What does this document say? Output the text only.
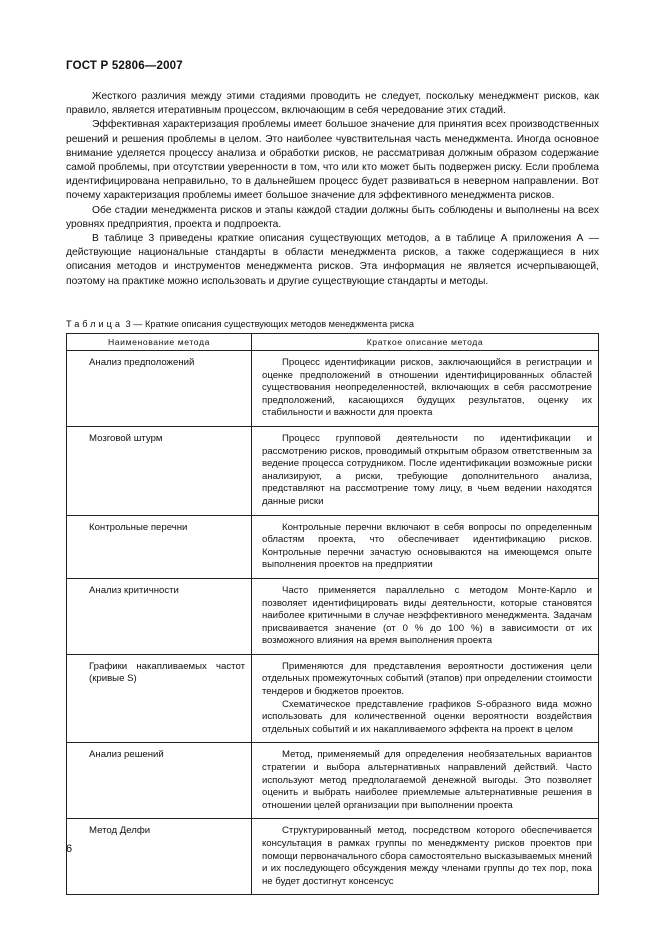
ГОСТ Р 52806—2007

Жесткого различия между этими стадиями проводить не следует, поскольку менеджмент рисков, как правило, является итеративным процессом, включающим в себя чередование этих стадий.

Эффективная характеризация проблемы имеет большое значение для принятия всех производственных решений и решения проблемы в целом. Это наиболее чувствительная часть менеджмента. Иногда основное внимание уделяется процессу анализа и обработки рисков, не рассматривая должным образом содержание самой проблемы, при отсутствии уверенности в том, что или кто может быть подвержен риску. Если проблема идентифицирована неправильно, то в дальнейшем процесс будет развиваться в неверном направлении. Вот почему характеризация проблемы имеет большое значение для эффективного менеджмента рисков.

Обе стадии менеджмента рисков и этапы каждой стадии должны быть соблюдены и выполнены на всех уровнях предприятия, проекта и подпроекта.

В таблице 3 приведены краткие описания существующих методов, а в таблице А приложения А — действующие национальные стандарты в области менеджмента рисков, а также содержащиеся в них описания методов и инструментов менеджмента рисков. Эта информация не является исчерпывающей, поэтому на практике можно использовать и другие существующие стандарты и методы.

Таблица 3 — Краткие описания существующих методов менеджмента риска
Наименование метода	Краткое описание метода
Анализ предположений	Процесс идентификации рисков, заключающийся в регистрации и оценке предположений в отношении идентифицированных областей существования неопределенностей, включающих в себя рассмотрение предположений, касающихся будущих результатов, оценку их стабильности и важности для проекта

Мозговой штурм	Процесс групповой деятельности по идентификации и рассмотрению рисков, проводимый открытым образом ответственным за ведение процесса сотрудником. После идентификации возможные риски анализируют, а риски, требующие дополнительного анализа, представляют на рассмотрение тому лицу, в чьем ведении находятся данные риски

Контрольные перечни	Контрольные перечни включают в себя вопросы по определенным областям проекта, что обеспечивает идентификацию рисков. Контрольные перечни зачастую основываются на имеющемся опыте выполнения проектов на предприятии

Анализ критичности	Часто применяется параллельно с методом Монте-Карло и позволяет идентифицировать виды деятельности, которые становятся наиболее критичными в случае неэффективного менеджмента. Задачам присваивается значение (от 0 % до 100 %) в зависимости от их возможного влияния на время выполнения проекта

Графики накапливаемых частот (кривые S)	Применяются для представления вероятности достижения цели отдельных промежуточных событий (этапов) при определении стоимости тендеров и бюджетов проектов.

Схематическое представление графиков S-образного вида можно использовать для количественной оценки вероятности воздействия отдельных событий и их накапливаемого эффекта на проект в целом

Анализ решений	Метод, применяемый для определения необязательных вариантов стратегии и выбора альтернативных направлений действий. Часто используют метод предполагаемой денежной выгоды. Это позволяет оценить и выбрать наиболее приемлемые альтернативные решения в отношении целей организации при выполнении проекта

Метод Делфи	Структурированный метод, посредством которого обеспечивается консультация в рамках группы по менеджменту рисков проектов при помощи первоначального сбора самостоятельно высказываемых мнений и их последующего обсуждения между членами группы до тех пор, пока не будет достигнут консенсус

6
